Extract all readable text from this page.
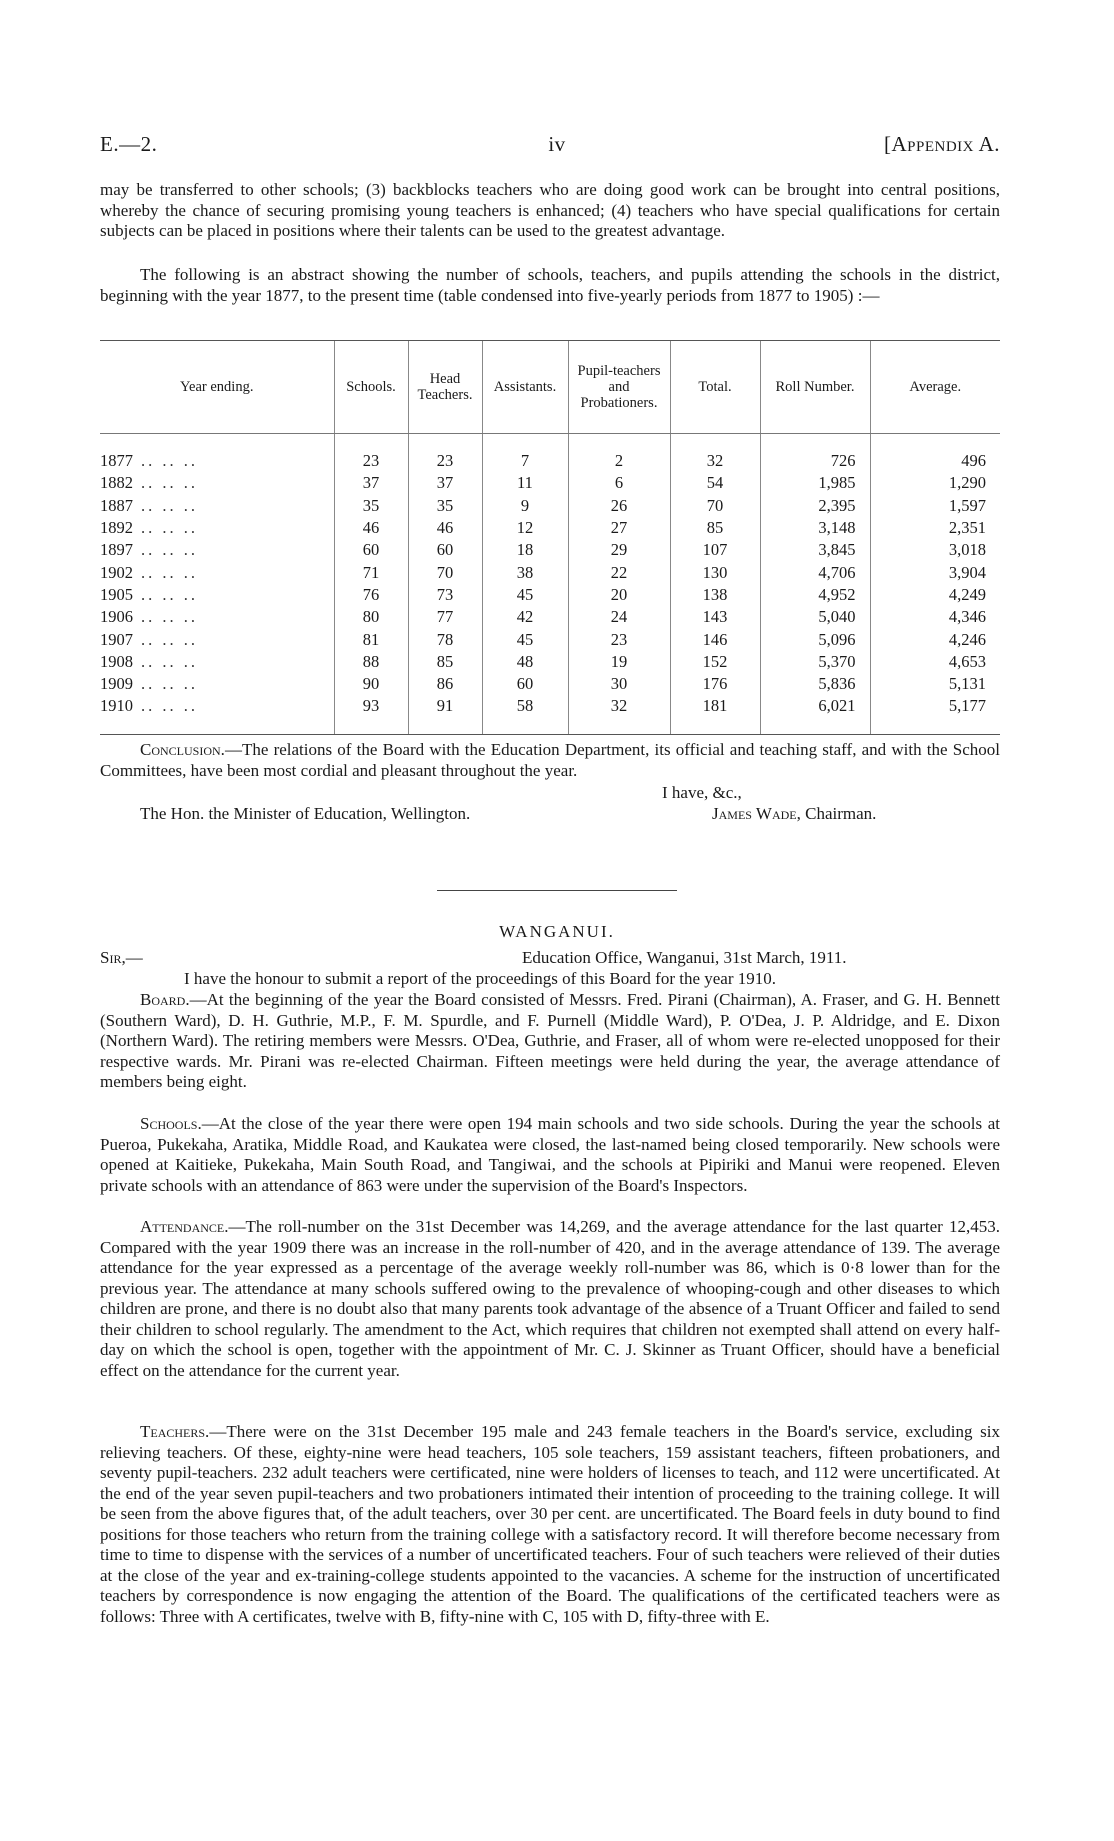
E.—2.	iv	[Appendix A.

may be transferred to other schools; (3) backblocks teachers who are doing good work can be brought into central positions, whereby the chance of securing promising young teachers is enhanced; (4) teachers who have special qualifications for certain subjects can be placed in positions where their talents can be used to the greatest advantage.

The following is an abstract showing the number of schools, teachers, and pupils attending the schools in the district, beginning with the year 1877, to the present time (table condensed into five-yearly periods from 1877 to 1905) :—

Year ending.	Schools.	Head Teachers.	Assistants.	Pupil-teachers and Probationers.	Total.	Roll Number.	Average.

1877 .. .. ..	23	23	7	2	32	726	496
1882 .. .. ..	37	37	11	6	54	1,985	1,290
1887 .. .. ..	35	35	9	26	70	2,395	1,597
1892 .. .. ..	46	46	12	27	85	3,148	2,351
1897 .. .. ..	60	60	18	29	107	3,845	3,018
1902 .. .. ..	71	70	38	22	130	4,706	3,904
1905 .. .. ..	76	73	45	20	138	4,952	4,249
1906 .. .. ..	80	77	42	24	143	5,040	4,346
1907 .. .. ..	81	78	45	23	146	5,096	4,246
1908 .. .. ..	88	85	48	19	152	5,370	4,653
1909 .. .. ..	90	86	60	30	176	5,836	5,131
1910 .. .. ..	93	91	58	32	181	6,021	5,177

Conclusion.—The relations of the Board with the Education Department, its official and teaching staff, and with the School Committees, have been most cordial and pleasant throughout the year.

I have, &c.,
The Hon. the Minister of Education, Wellington.	James Wade, Chairman.
WANGANUI.
Sir,—	Education Office, Wanganui, 31st March, 1911.
I have the honour to submit a report of the proceedings of this Board for the year 1910.

Board.—At the beginning of the year the Board consisted of Messrs. Fred. Pirani (Chairman), A. Fraser, and G. H. Bennett (Southern Ward), D. H. Guthrie, M.P., F. M. Spurdle, and F. Purnell (Middle Ward), P. O'Dea, J. P. Aldridge, and E. Dixon (Northern Ward). The retiring members were Messrs. O'Dea, Guthrie, and Fraser, all of whom were re-elected unopposed for their respective wards. Mr. Pirani was re-elected Chairman. Fifteen meetings were held during the year, the average attendance of members being eight.

Schools.—At the close of the year there were open 194 main schools and two side schools. During the year the schools at Pueroa, Pukekaha, Aratika, Middle Road, and Kaukatea were closed, the last-named being closed temporarily. New schools were opened at Kaitieke, Pukekaha, Main South Road, and Tangiwai, and the schools at Pipiriki and Manui were reopened. Eleven private schools with an attendance of 863 were under the supervision of the Board's Inspectors.

Attendance.—The roll-number on the 31st December was 14,269, and the average attendance for the last quarter 12,453. Compared with the year 1909 there was an increase in the roll-number of 420, and in the average attendance of 139. The average attendance for the year expressed as a percentage of the average weekly roll-number was 86, which is 0·8 lower than for the previous year. The attendance at many schools suffered owing to the prevalence of whooping-cough and other diseases to which children are prone, and there is no doubt also that many parents took advantage of the absence of a Truant Officer and failed to send their children to school regularly. The amendment to the Act, which requires that children not exempted shall attend on every half-day on which the school is open, together with the appointment of Mr. C. J. Skinner as Truant Officer, should have a beneficial effect on the attendance for the current year.

Teachers.—There were on the 31st December 195 male and 243 female teachers in the Board's service, excluding six relieving teachers. Of these, eighty-nine were head teachers, 105 sole teachers, 159 assistant teachers, fifteen probationers, and seventy pupil-teachers. 232 adult teachers were certificated, nine were holders of licenses to teach, and 112 were uncertificated. At the end of the year seven pupil-teachers and two probationers intimated their intention of proceeding to the training college. It will be seen from the above figures that, of the adult teachers, over 30 per cent. are uncertificated. The Board feels in duty bound to find positions for those teachers who return from the training college with a satisfactory record. It will therefore become necessary from time to time to dispense with the services of a number of uncertificated teachers. Four of such teachers were relieved of their duties at the close of the year and ex-training-college students appointed to the vacancies. A scheme for the instruction of uncertificated teachers by correspondence is now engaging the attention of the Board. The qualifications of the certificated teachers were as follows: Three with A certificates, twelve with B, fifty-nine with C, 105 with D, fifty-three with E.
